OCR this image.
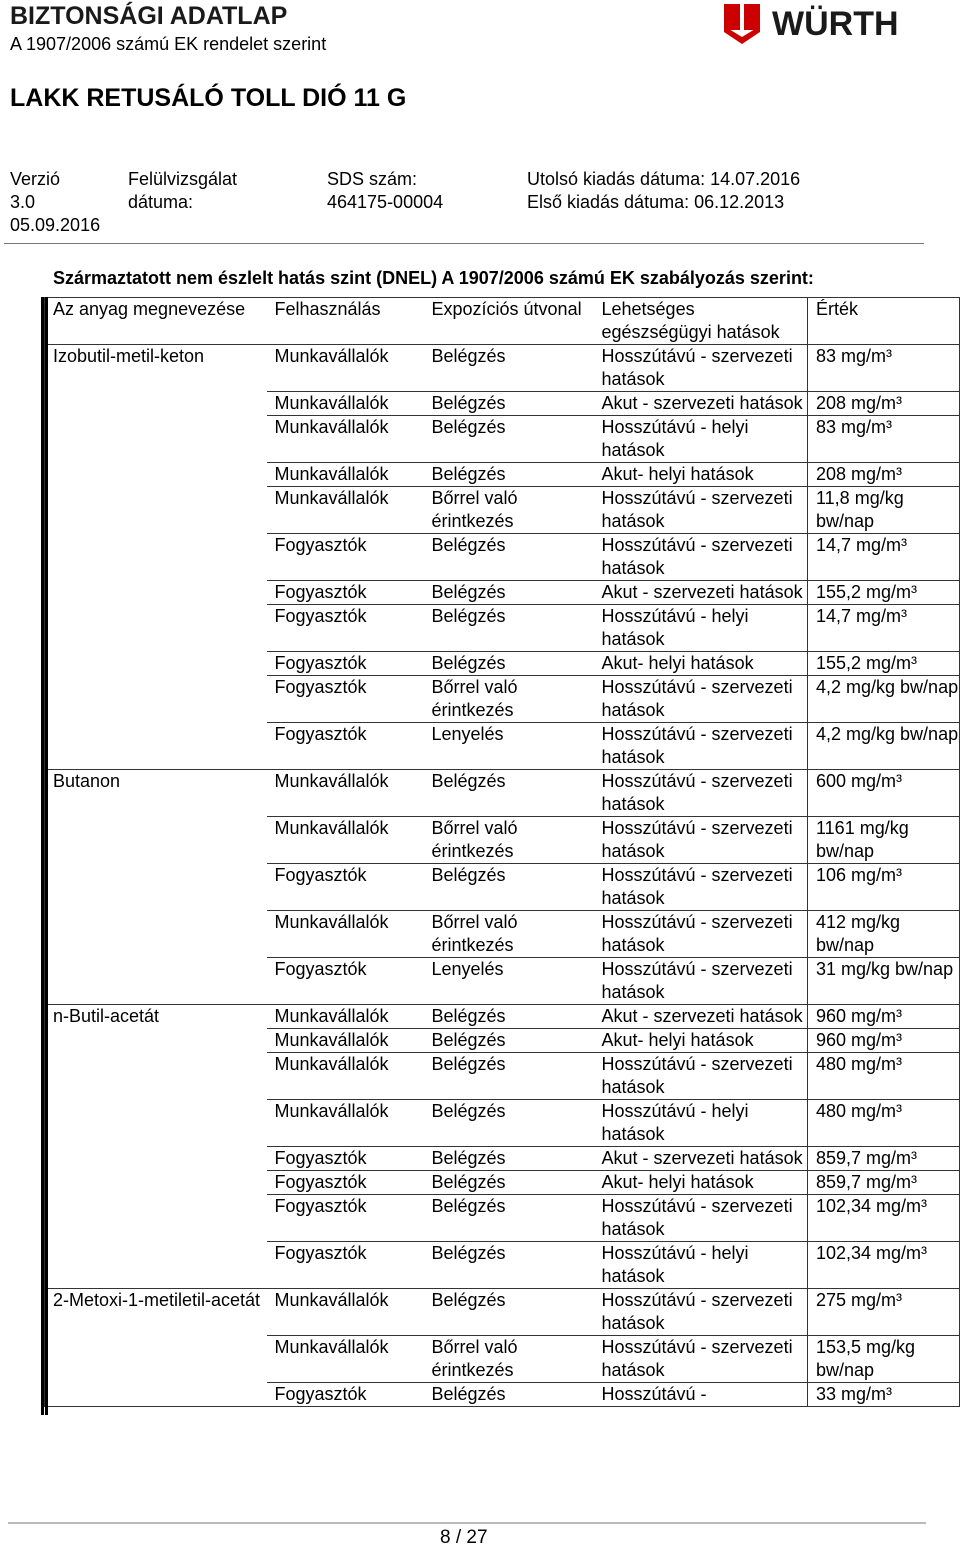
BIZTONSÁGI ADATLAP
A 1907/2006 számú EK rendelet szerint
WÜRTH
LAKK RETUSÁLÓ TOLL DIÓ 11 G
Verzió
3.0
Felülvizsgálat
dátuma:
05.09.2016
SDS szám:
464175-00004
Utolsó kiadás dátuma: 14.07.2016
Első kiadás dátuma: 06.12.2013
Származtatott nem észlelt hatás szint (DNEL) A 1907/2006 számú EK szabályozás szerint:
Az anyag megnevezése	Felhasználás	Expozíciós útvonal	Lehetséges egészségügyi hatások	Érték
Izobutil-metil-keton	Munkavállalók	Belégzés	Hosszútávú - szervezeti hatások	83 mg/m³
	Munkavállalók	Belégzés	Akut - szervezeti hatások	208 mg/m³
	Munkavállalók	Belégzés	Hosszútávú - helyi hatások	83 mg/m³
	Munkavállalók	Belégzés	Akut- helyi hatások	208 mg/m³
	Munkavállalók	Bőrrel való érintkezés	Hosszútávú - szervezeti hatások	11,8 mg/kg bw/nap
	Fogyasztók	Belégzés	Hosszútávú - szervezeti hatások	14,7 mg/m³
	Fogyasztók	Belégzés	Akut - szervezeti hatások	155,2 mg/m³
	Fogyasztók	Belégzés	Hosszútávú - helyi hatások	14,7 mg/m³
	Fogyasztók	Belégzés	Akut- helyi hatások	155,2 mg/m³
	Fogyasztók	Bőrrel való érintkezés	Hosszútávú - szervezeti hatások	4,2 mg/kg bw/nap
	Fogyasztók	Lenyelés	Hosszútávú - szervezeti hatások	4,2 mg/kg bw/nap
Butanon	Munkavállalók	Belégzés	Hosszútávú - szervezeti hatások	600 mg/m³
	Munkavállalók	Bőrrel való érintkezés	Hosszútávú - szervezeti hatások	1161 mg/kg bw/nap
	Fogyasztók	Belégzés	Hosszútávú - szervezeti hatások	106 mg/m³
	Munkavállalók	Bőrrel való érintkezés	Hosszútávú - szervezeti hatások	412 mg/kg bw/nap
	Fogyasztók	Lenyelés	Hosszútávú - szervezeti hatások	31 mg/kg bw/nap
n-Butil-acetát	Munkavállalók	Belégzés	Akut - szervezeti hatások	960 mg/m³
	Munkavállalók	Belégzés	Akut- helyi hatások	960 mg/m³
	Munkavállalók	Belégzés	Hosszútávú - szervezeti hatások	480 mg/m³
	Munkavállalók	Belégzés	Hosszútávú - helyi hatások	480 mg/m³
	Fogyasztók	Belégzés	Akut - szervezeti hatások	859,7 mg/m³
	Fogyasztók	Belégzés	Akut- helyi hatások	859,7 mg/m³
	Fogyasztók	Belégzés	Hosszútávú - szervezeti hatások	102,34 mg/m³
	Fogyasztók	Belégzés	Hosszútávú - helyi hatások	102,34 mg/m³
2-Metoxi-1-metiletil-acetát	Munkavállalók	Belégzés	Hosszútávú - szervezeti hatások	275 mg/m³
	Munkavállalók	Bőrrel való érintkezés	Hosszútávú - szervezeti hatások	153,5 mg/kg bw/nap
	Fogyasztók	Belégzés	Hosszútávú -	33 mg/m³
8 / 27
